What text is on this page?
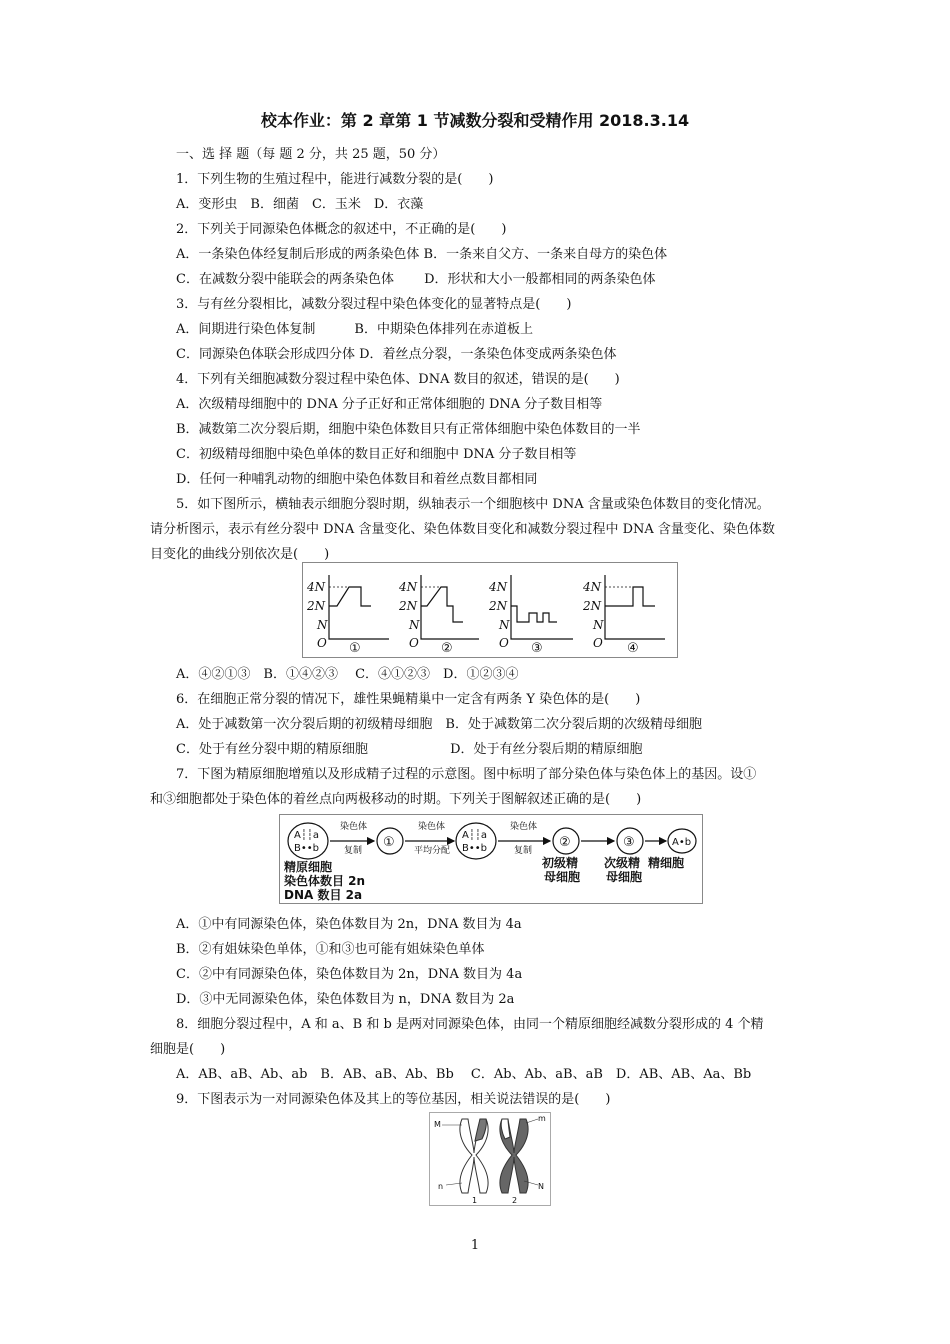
校本作业：第 2 章第 1 节减数分裂和受精作用 2018.3.14
一、选 择 题（每 题 2 分，共 25 题，50 分）
1．下列生物的生殖过程中，能进行减数分裂的是(　　)
A．变形虫　B．细菌　C．玉米　D．衣藻
2．下列关于同源染色体概念的叙述中，不正确的是(　　)
A．一条染色体经复制后形成的两条染色体 B．一条来自父方、一条来自母方的染色体
C．在减数分裂中能联会的两条染色体　　 D．形状和大小一般都相同的两条染色体
3．与有丝分裂相比，减数分裂过程中染色体变化的显著特点是(　　)
A．间期进行染色体复制　　　B．中期染色体排列在赤道板上
C．同源染色体联会形成四分体 D．着丝点分裂，一条染色体变成两条染色体
4．下列有关细胞减数分裂过程中染色体、DNA 数目的叙述，错误的是(　　)
A．次级精母细胞中的 DNA 分子正好和正常体细胞的 DNA 分子数目相等
B．减数第二次分裂后期，细胞中染色体数目只有正常体细胞中染色体数目的一半
C．初级精母细胞中染色单体的数目正好和细胞中 DNA 分子数目相等
D．任何一种哺乳动物的细胞中染色体数目和着丝点数目都相同
5．如下图所示，横轴表示细胞分裂时期，纵轴表示一个细胞核中 DNA 含量或染色体数目的变化情况。
请分析图示，表示有丝分裂中 DNA 含量变化、染色体数目变化和减数分裂过程中 DNA 含量变化、染色体数
目变化的曲线分别依次是(　　)
4N
2N
N
O
4N
2N
N
O
4N
2N
N
O
4N
2N
N
O
①	②	③	④
A．④②①③　B．①④②③　 C．④①②③　D．①②③④
6．在细胞正常分裂的情况下，雄性果蝇精巢中一定含有两条 Y 染色体的是(　　)
A．处于减数第一次分裂后期的初级精母细胞　B．处于减数第二次分裂后期的次级精母细胞
C．处于有丝分裂中期的精原细胞　　　　　　 D．处于有丝分裂后期的精原细胞
7．下图为精原细胞增殖以及形成精子过程的示意图。图中标明了部分染色体与染色体上的基因。设①
和③细胞都处于染色体的着丝点向两极移动的时期。下列关于图解叙述正确的是(　　)
A┆┆a
B••b
A┆┆a
B••b
A•b
染色体
复制
染色体
平均分配
染色体
复制
①	②	③
精原细胞
染色体数目 2n
DNA 数目 2a
初级精
母细胞
次级精
母细胞
精细胞
A．①中有同源染色体，染色体数目为 2n，DNA 数目为 4a
B．②有姐妹染色单体，①和③也可能有姐妹染色单体
C．②中有同源染色体，染色体数目为 2n，DNA 数目为 4a
D．③中无同源染色体，染色体数目为 n，DNA 数目为 2a
8．细胞分裂过程中，A 和 a、B 和 b 是两对同源染色体，由同一个精原细胞经减数分裂形成的 4 个精
细胞是(　　)
A．AB、aB、Ab、ab　B．AB、aB、Ab、Bb　 C．Ab、Ab、aB、aB　D．AB、AB、Aa、Bb
9．下图表示为一对同源染色体及其上的等位基因，相关说法错误的是(　　)
M
m
n	N
1	2
1
